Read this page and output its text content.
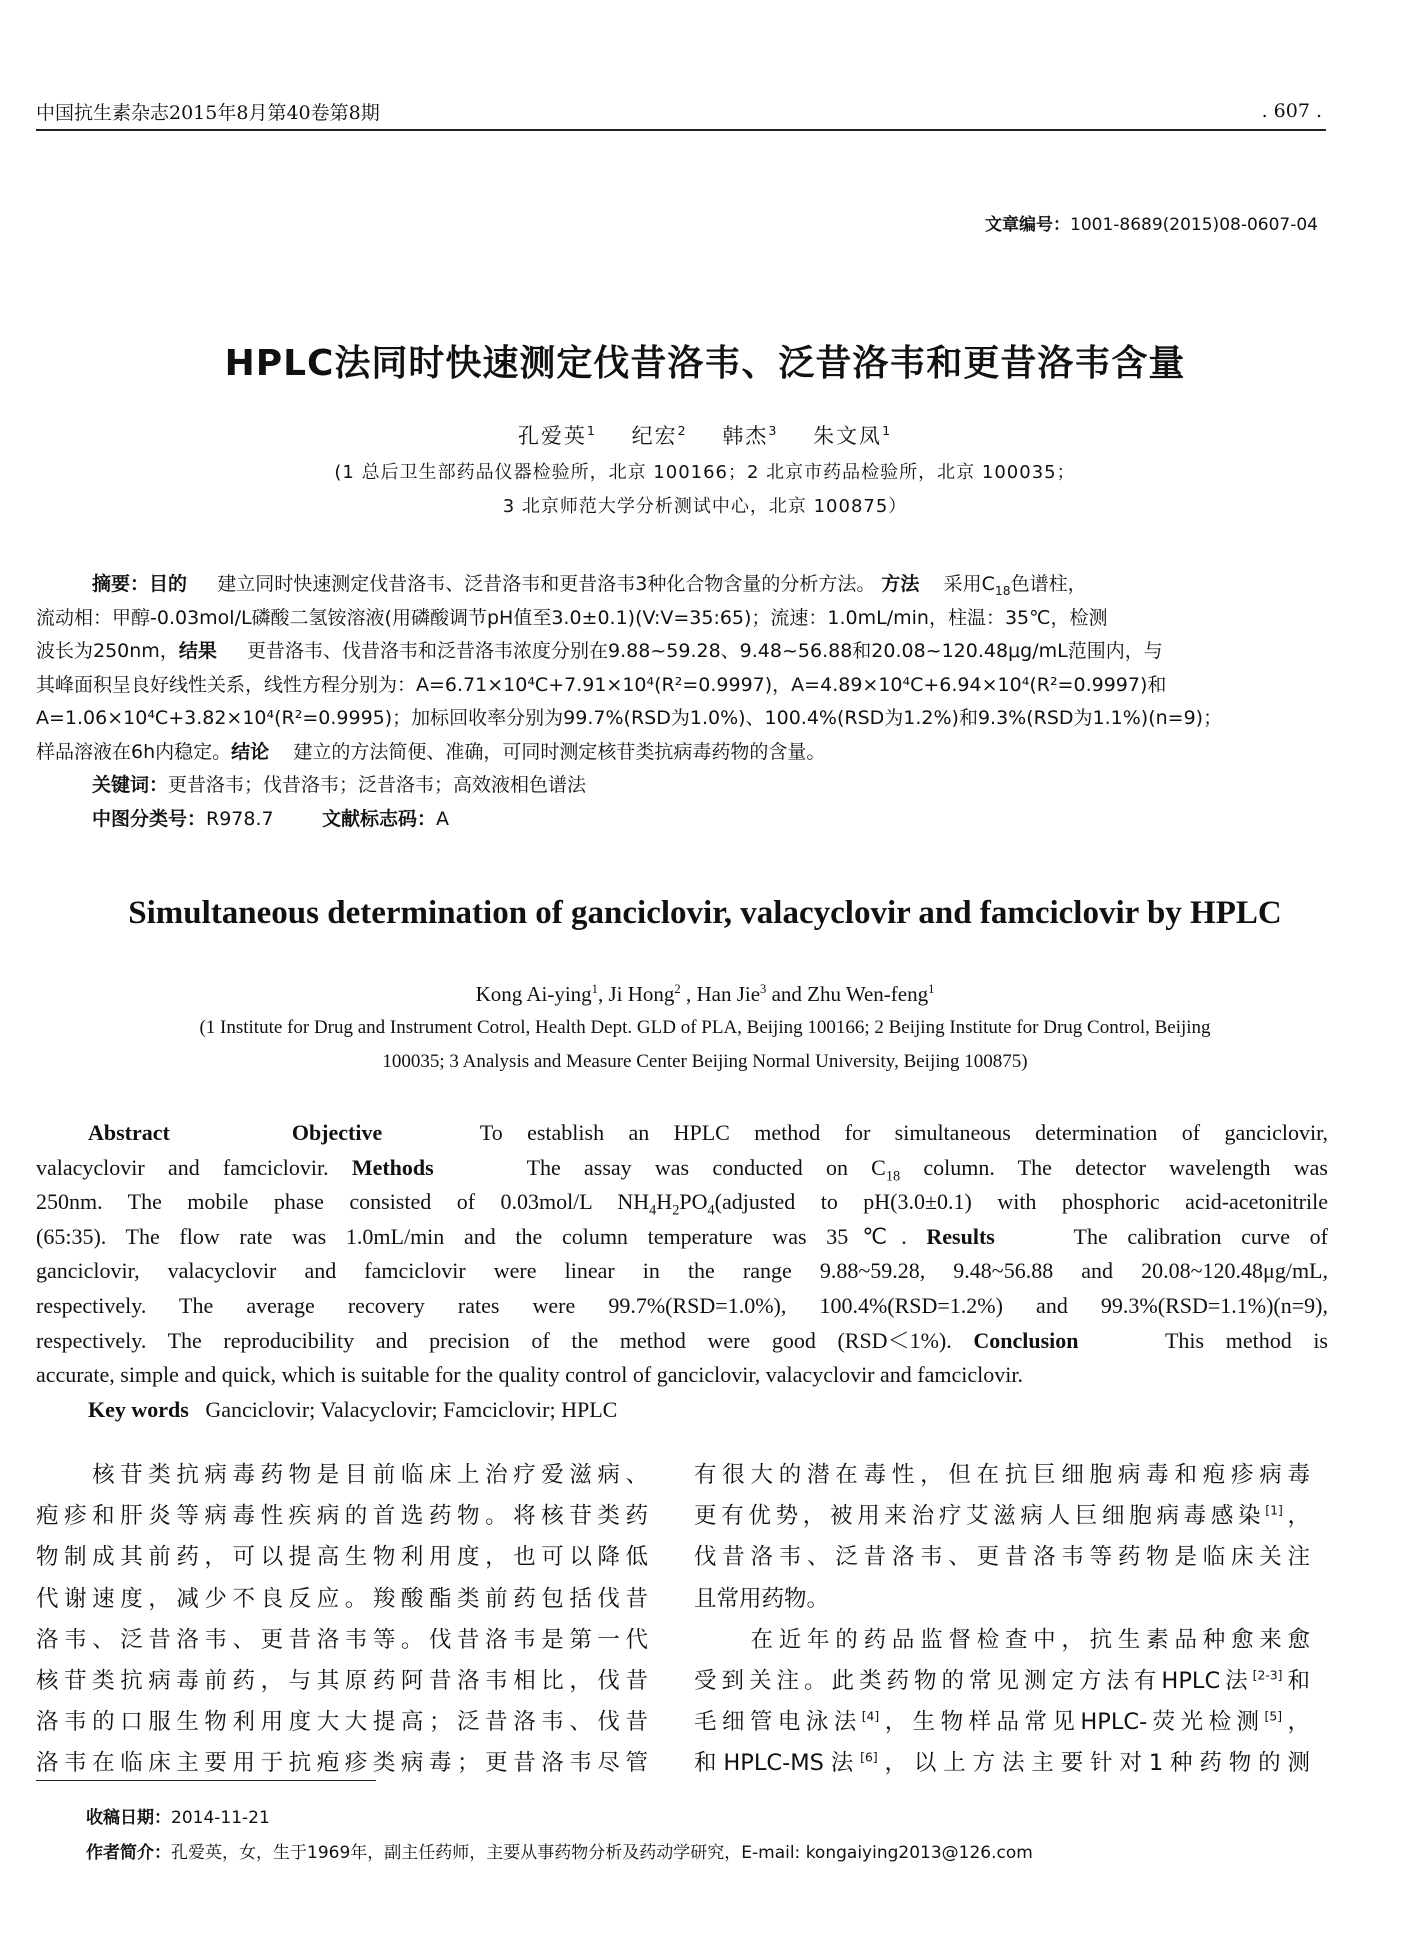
中国抗生素杂志2015年8月第40卷第8期	. 607 .
文章编号：1001-8689(2015)08-0607-04
HPLC法同时快速测定伐昔洛韦、泛昔洛韦和更昔洛韦含量
孔爱英$^1$ 纪宏$^2$ 韩杰$^3$ 朱文凤$^1$
(1 总后卫生部药品仪器检验所，北京 100166；2 北京市药品检验所，北京 100035；
3 北京师范大学分析测试中心，北京 100875）
摘要：目的 建立同时快速测定伐昔洛韦、泛昔洛韦和更昔洛韦3种化合物含量的分析方法。 方法 采用$C_{18}$色谱柱，
流动相：甲醇-0.03mol/L磷酸二氢铵溶液(用磷酸调节pH值至3.0±0.1)(V:V=35:65)；流速：1.0mL/min，柱温：35℃，检测
波长为250nm，结果 更昔洛韦、伐昔洛韦和泛昔洛韦浓度分别在9.88~59.28、9.48~56.88和20.08~120.48μg/mL范围内，与
其峰面积呈良好线性关系，线性方程分别为：A=6.71×10⁴C+7.91×10⁴(R²=0.9997)，A=4.89×10⁴C+6.94×10⁴(R²=0.9997)和
A=1.06×10⁴C+3.82×10⁴(R²=0.9995)；加标回收率分别为99.7%(RSD为1.0%)、100.4%(RSD为1.2%)和9.3%(RSD为1.1%)(n=9)；
样品溶液在6h内稳定。结论 建立的方法简便、准确，可同时测定核苷类抗病毒药物的含量。
关键词：更昔洛韦；伐昔洛韦；泛昔洛韦；高效液相色谱法
中图分类号：R978.7	文献标志码：A
Simultaneous determination of ganciclovir, valacyclovir and famciclovir by HPLC
Kong Ai-ying$^1$, Ji Hong$^2$ , Han Jie$^3$ and Zhu Wen-feng$^1$
(1 Institute for Drug and Instrument Cotrol, Health Dept. GLD of PLA, Beijing 100166; 2 Beijing Institute for Drug Control, Beijing
100035; 3 Analysis and Measure Center Beijing Normal University, Beijing 100875)
Abstract	Objective	To establish an HPLC method for simultaneous determination of ganciclovir,
valacyclovir and famciclovir. Methods	The assay was conducted on $C_{18}$ column. The detector wavelength was
250nm. The mobile phase consisted of 0.03mol/L $NH_4H_2PO_4(adjusted$ to pH(3.0±0.1) with phosphoric acid-acetonitrile
(65:35). The flow rate was 1.0mL/min and the column temperature was 35℃. Results	The calibration curve of
ganciclovir, valacyclovir and famciclovir were linear in the range 9.88~59.28, 9.48~56.88 and 20.08~120.48μg/mL,
respectively. The average recovery rates were 99.7%(RSD=1.0%), 100.4%(RSD=1.2%) and 99.3%(RSD=1.1%)(n=9),
respectively. The reproducibility and precision of the method were good (RSD＜1%). Conclusion	This method is
accurate, simple and quick, which is suitable for the quality control of ganciclovir, valacyclovir and famciclovir.
Key words Ganciclovir; Valacyclovir; Famciclovir; HPLC
　　核苷类抗病毒药物是目前临床上治疗爱滋病、
疱疹和肝炎等病毒性疾病的首选药物。将核苷类药
物制成其前药，可以提高生物利用度，也可以降低
代谢速度，减少不良反应。羧酸酯类前药包括伐昔
洛韦、泛昔洛韦、更昔洛韦等。伐昔洛韦是第一代
核苷类抗病毒前药，与其原药阿昔洛韦相比，伐昔
洛韦的口服生物利用度大大提高；泛昔洛韦、伐昔
洛韦在临床主要用于抗疱疹类病毒；更昔洛韦尽管
有很大的潜在毒性，但在抗巨细胞病毒和疱疹病毒
更有优势，被用来治疗艾滋病人巨细胞病毒感染[1]，
伐昔洛韦、泛昔洛韦、更昔洛韦等药物是临床关注
且常用药物。
　　在近年的药品监督检查中，抗生素品种愈来愈
受到关注。此类药物的常见测定方法有HPLC法[2-3]和
毛细管电泳法[4]，生物样品常见HPLC-荧光检测[5]，
和HPLC-MS法[6]，以上方法主要针对1种药物的测
收稿日期：2014-11-21
作者简介：孔爱英，女，生于1969年，副主任药师，主要从事药物分析及药动学研究，E-mail: kongaiying2013@126.com
